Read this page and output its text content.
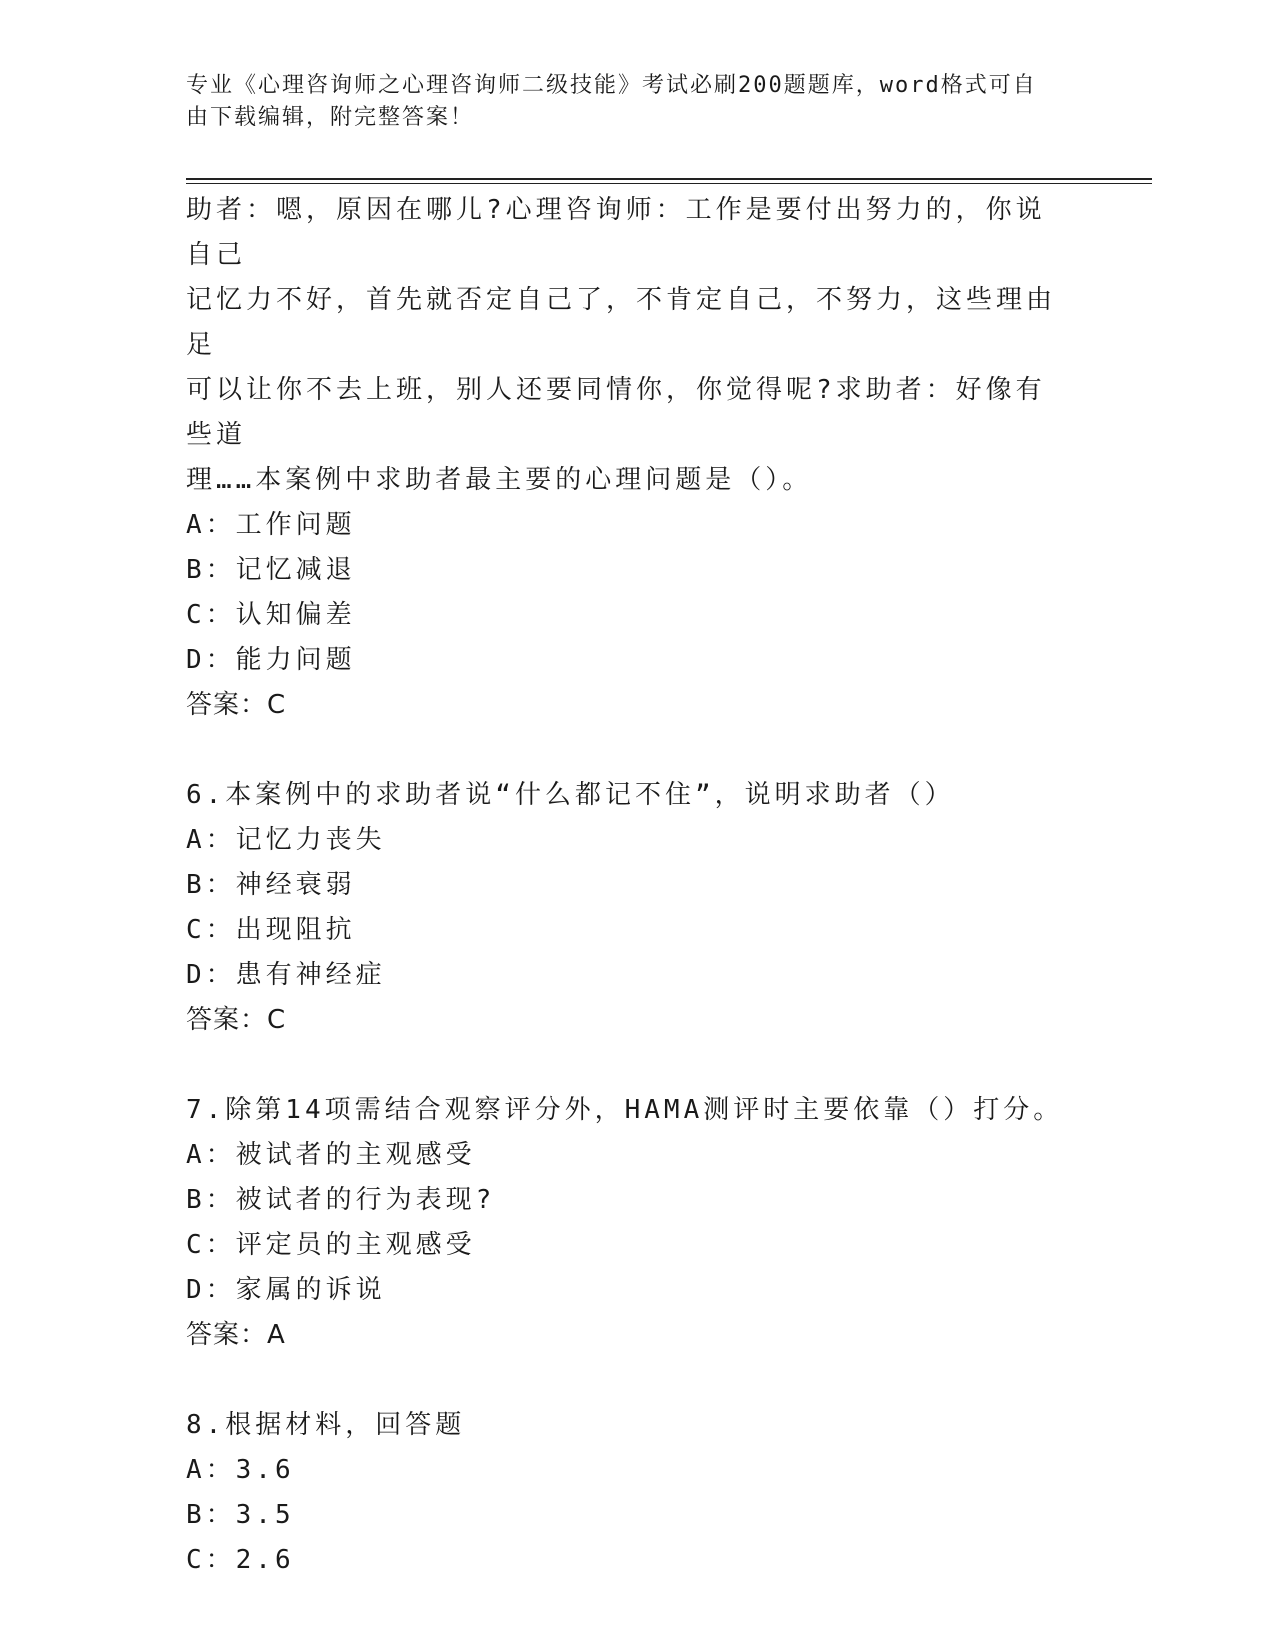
专业《心理咨询师之心理咨询师二级技能》考试必刷200题题库，word格式可自
由下载编辑，附完整答案！

助者：嗯，原因在哪儿?心理咨询师：工作是要付出努力的，你说自己

记忆力不好，首先就否定自己了，不肯定自己，不努力，这些理由足

可以让你不去上班，别人还要同情你，你觉得呢?求助者：好像有些道

理……本案例中求助者最主要的心理问题是（）。

A：工作问题

B：记忆减退

C：认知偏差

D：能力问题

答案：C

6.本案例中的求助者说“什么都记不住”，说明求助者（）

A：记忆力丧失

B：神经衰弱

C：出现阻抗

D：患有神经症

答案：C

7.除第14项需结合观察评分外，HAMA测评时主要依靠（）打分。

A：被试者的主观感受

B：被试者的行为表现?

C：评定员的主观感受

D：家属的诉说

答案：A

8.根据材料，回答题

A：3.6

B：3.5

C：2.6
